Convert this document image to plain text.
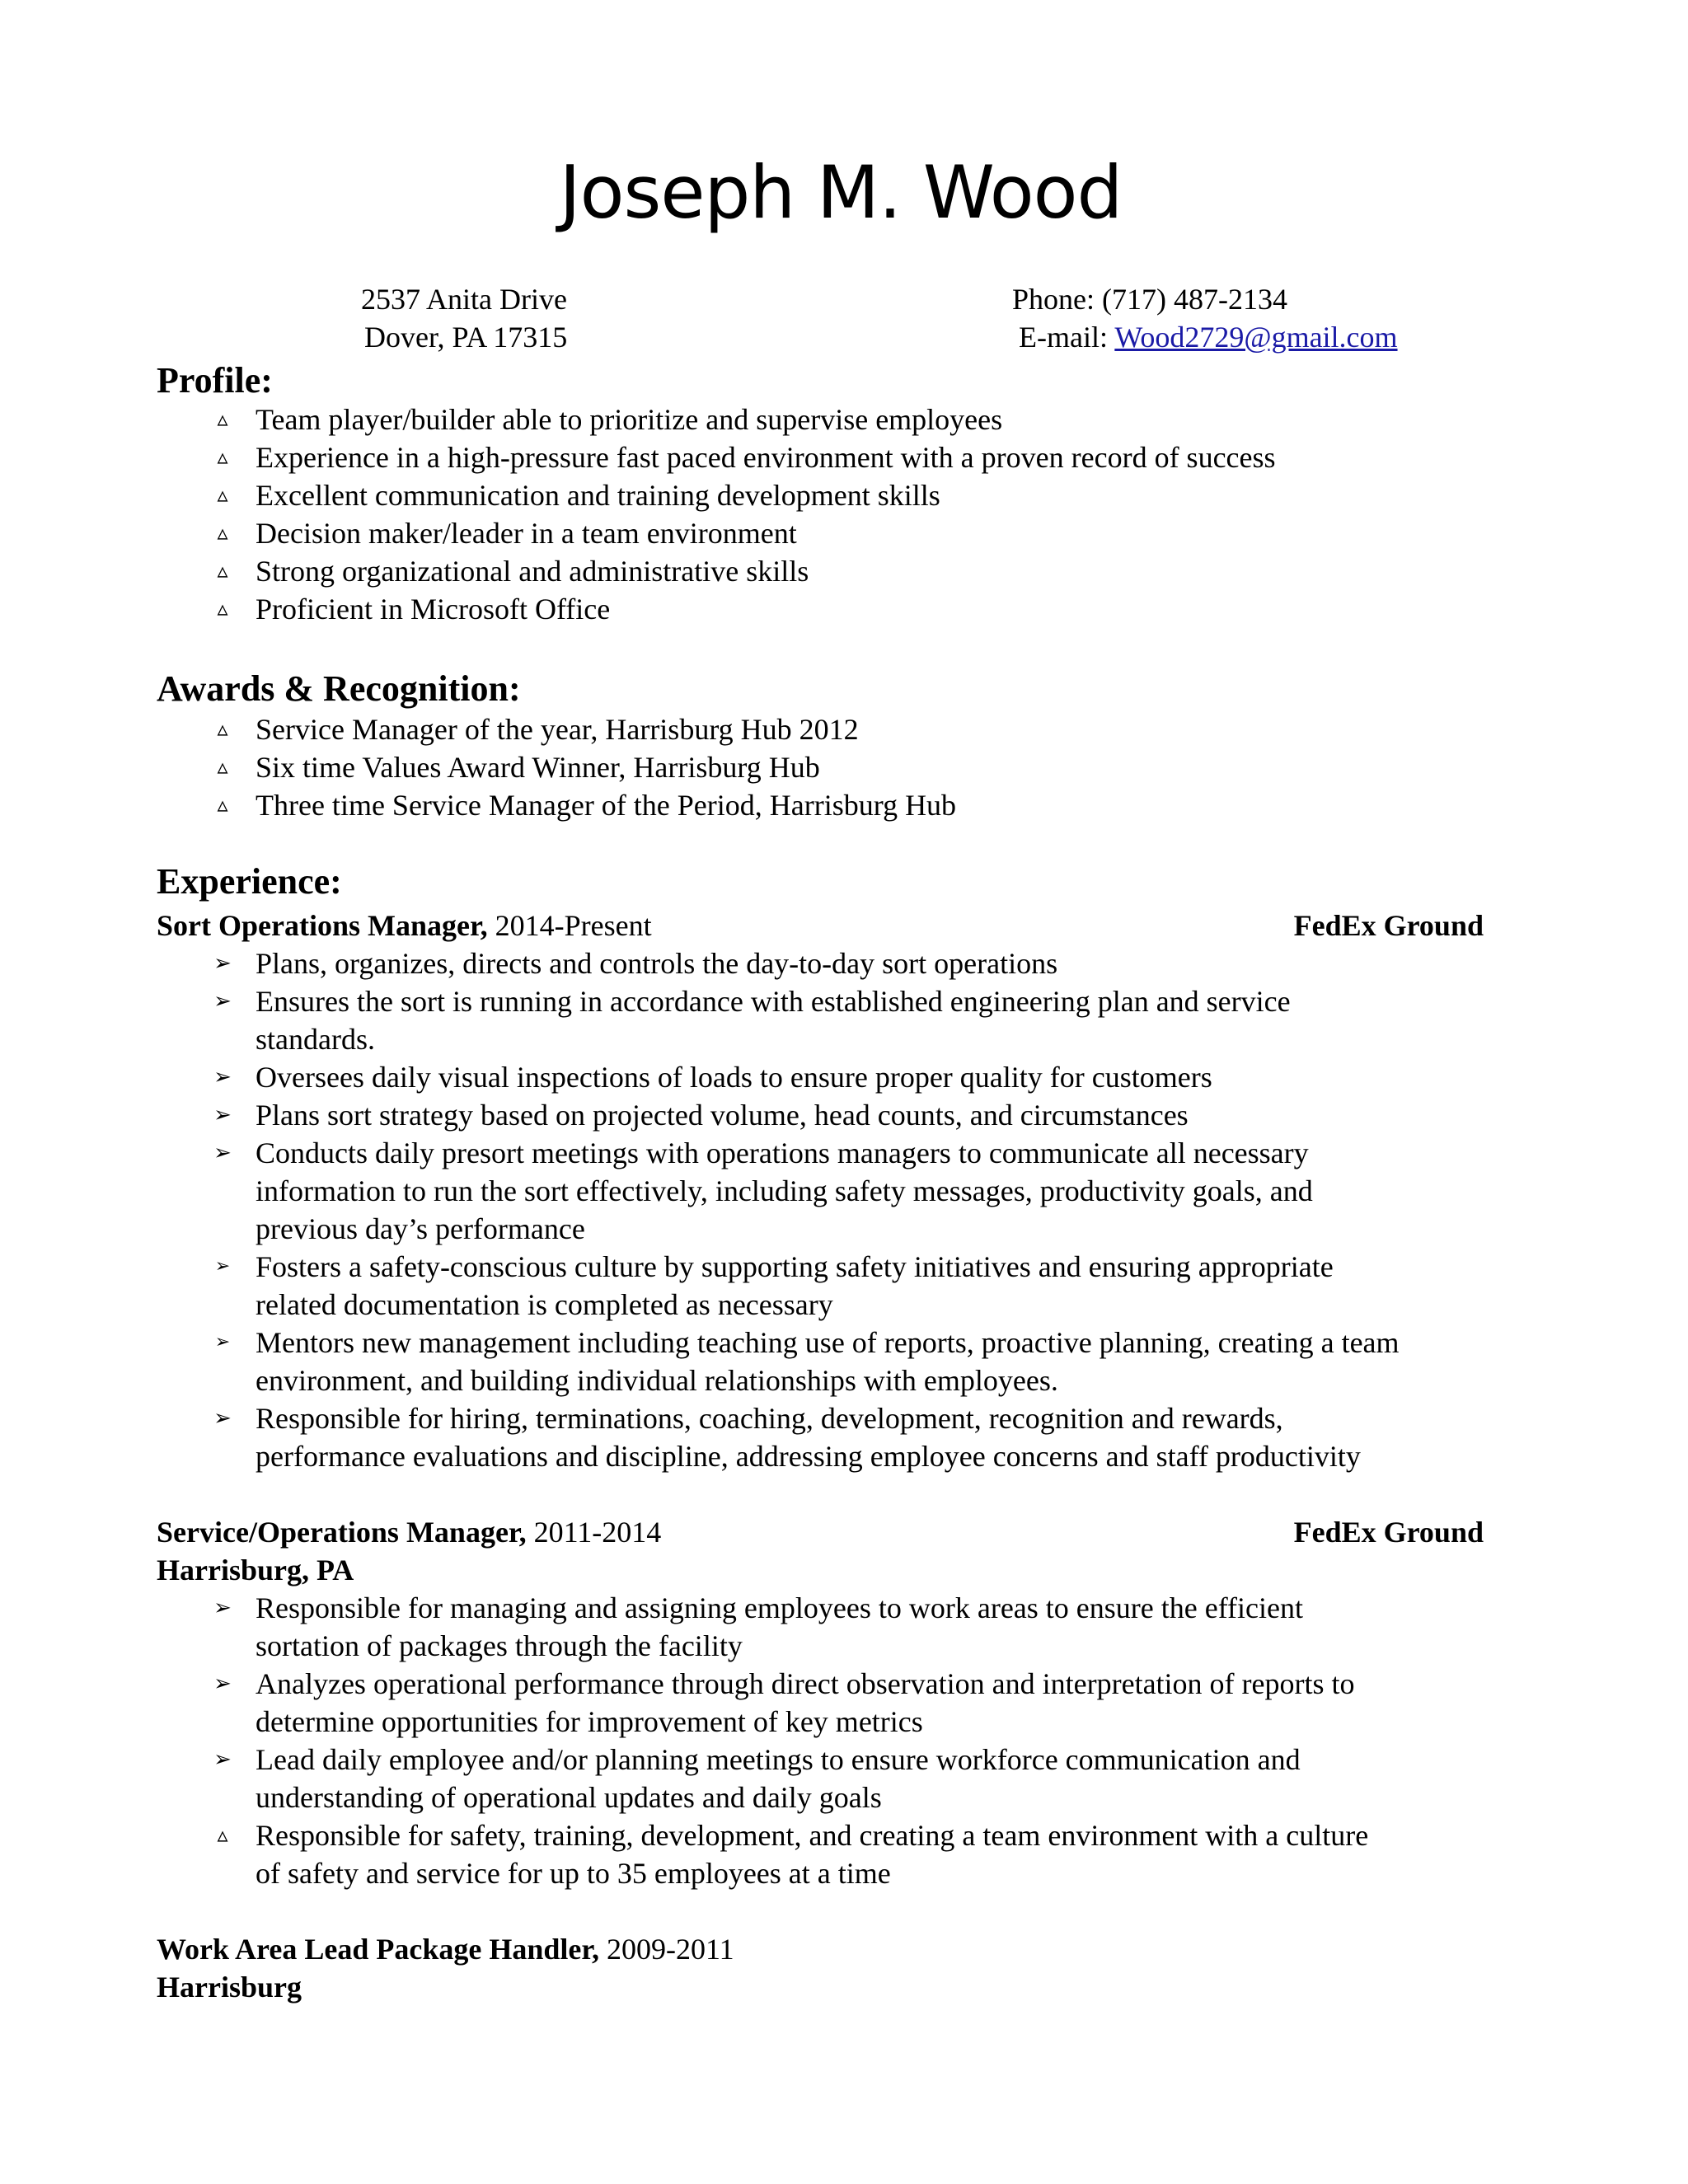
Joseph M. Wood
2537 Anita Drive
Dover, PA 17315
Phone: (717) 487-2134
E-mail: Wood2729@gmail.com
Profile:
▵ Team player/builder able to prioritize and supervise employees
▵ Experience in a high-pressure fast paced environment with a proven record of success
▵ Excellent communication and training development skills
▵ Decision maker/leader in a team environment
▵ Strong organizational and administrative skills
▵ Proficient in Microsoft Office
Awards & Recognition:
▵ Service Manager of the year, Harrisburg Hub 2012
▵ Six time Values Award Winner, Harrisburg Hub
▵ Three time Service Manager of the Period, Harrisburg Hub
Experience:
Sort Operations Manager, 2014-Present	FedEx Ground
➢ Plans, organizes, directs and controls the day-to-day sort operations
➢ Ensures the sort is running in accordance with established engineering plan and service
standards.
➢ Oversees daily visual inspections of loads to ensure proper quality for customers
➢ Plans sort strategy based on projected volume, head counts, and circumstances
➢ Conducts daily presort meetings with operations managers to communicate all necessary
information to run the sort effectively, including safety messages, productivity goals, and
previous day’s performance
➢ Fosters a safety-conscious culture by supporting safety initiatives and ensuring appropriate
related documentation is completed as necessary
➢ Mentors new management including teaching use of reports, proactive planning, creating a team
environment, and building individual relationships with employees.
➢ Responsible for hiring, terminations, coaching, development, recognition and rewards,
performance evaluations and discipline, addressing employee concerns and staff productivity
Service/Operations Manager, 2011-2014	FedEx Ground
Harrisburg, PA
➢ Responsible for managing and assigning employees to work areas to ensure the efficient
sortation of packages through the facility
➢ Analyzes operational performance through direct observation and interpretation of reports to
determine opportunities for improvement of key metrics
➢ Lead daily employee and/or planning meetings to ensure workforce communication and
understanding of operational updates and daily goals
▵ Responsible for safety, training, development, and creating a team environment with a culture
of safety and service for up to 35 employees at a time
Work Area Lead Package Handler, 2009-2011
Harrisburg
